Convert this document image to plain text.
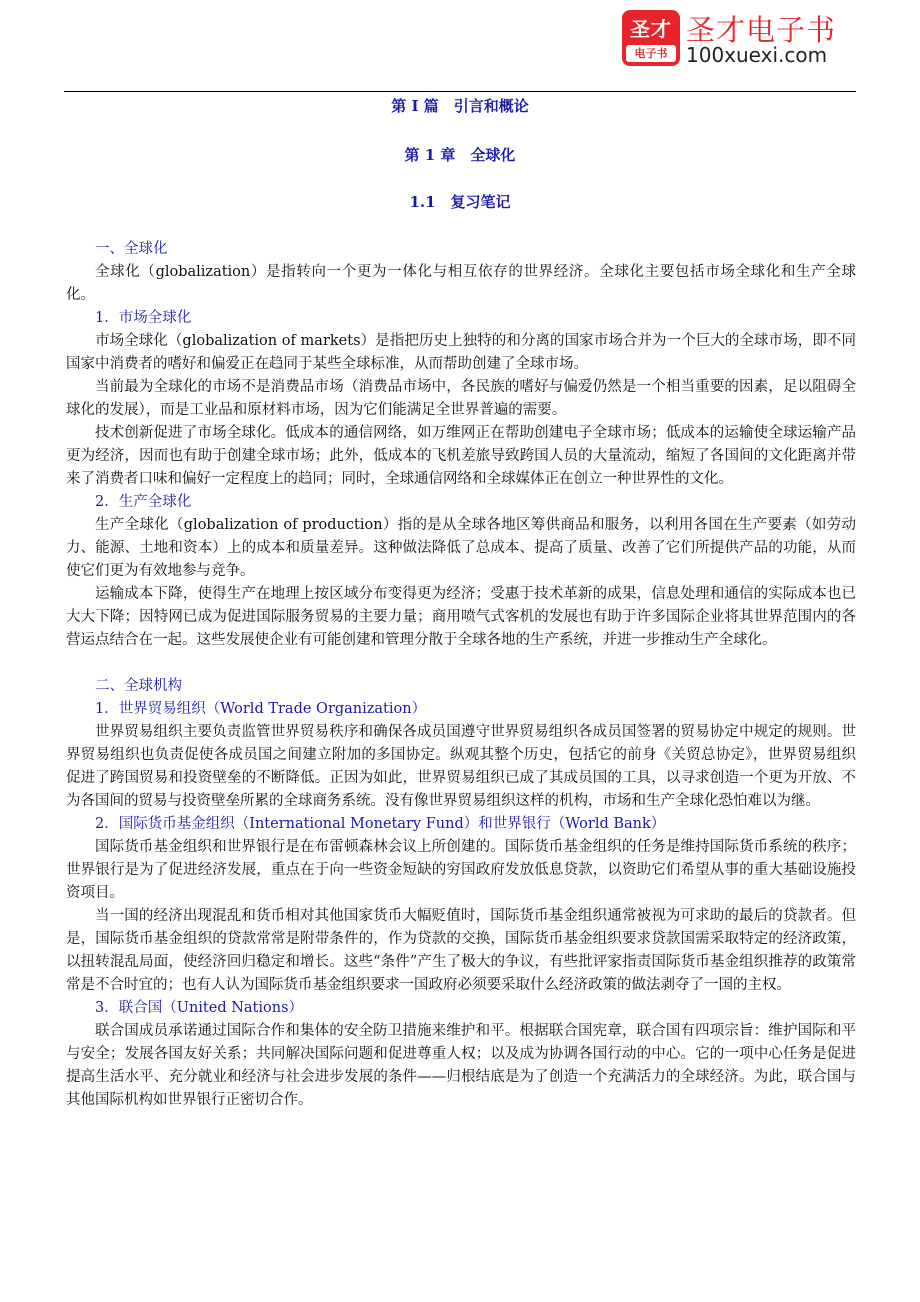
圣才
电子书
圣才电子书
100xuexi.com
第 I 篇　引言和概论
第 1 章　全球化
1.1　复习笔记
一、全球化

全球化（globalization）是指转向一个更为一体化与相互依存的世界经济。全球化主要包括市场全球化和生产全球化。

1．市场全球化

市场全球化（globalization of markets）是指把历史上独特的和分离的国家市场合并为一个巨大的全球市场，即不同国家中消费者的嗜好和偏爱正在趋同于某些全球标准，从而帮助创建了全球市场。

当前最为全球化的市场不是消费品市场（消费品市场中，各民族的嗜好与偏爱仍然是一个相当重要的因素，足以阻碍全球化的发展），而是工业品和原材料市场，因为它们能满足全世界普遍的需要。

技术创新促进了市场全球化。低成本的通信网络，如万维网正在帮助创建电子全球市场；低成本的运输使全球运输产品更为经济，因而也有助于创建全球市场；此外，低成本的飞机差旅导致跨国人员的大量流动，缩短了各国间的文化距离并带来了消费者口味和偏好一定程度上的趋同；同时，全球通信网络和全球媒体正在创立一种世界性的文化。

2．生产全球化

生产全球化（globalization of production）指的是从全球各地区筹供商品和服务，以利用各国在生产要素（如劳动力、能源、土地和资本）上的成本和质量差异。这种做法降低了总成本、提高了质量、改善了它们所提供产品的功能，从而使它们更为有效地参与竞争。

运输成本下降，使得生产在地理上按区域分布变得更为经济；受惠于技术革新的成果，信息处理和通信的实际成本也已大大下降；因特网已成为促进国际服务贸易的主要力量；商用喷气式客机的发展也有助于许多国际企业将其世界范围内的各营运点结合在一起。这些发展使企业有可能创建和管理分散于全球各地的生产系统，并进一步推动生产全球化。

二、全球机构
1．世界贸易组织（World Trade Organization）

世界贸易组织主要负责监管世界贸易秩序和确保各成员国遵守世界贸易组织各成员国签署的贸易协定中规定的规则。世界贸易组织也负责促使各成员国之间建立附加的多国协定。纵观其整个历史，包括它的前身《关贸总协定》，世界贸易组织促进了跨国贸易和投资壁垒的不断降低。正因为如此，世界贸易组织已成了其成员国的工具，以寻求创造一个更为开放、不为各国间的贸易与投资壁垒所累的全球商务系统。没有像世界贸易组织这样的机构，市场和生产全球化恐怕难以为继。

2．国际货币基金组织（International Monetary Fund）和世界银行（World Bank）

国际货币基金组织和世界银行是在布雷顿森林会议上所创建的。国际货币基金组织的任务是维持国际货币系统的秩序；世界银行是为了促进经济发展，重点在于向一些资金短缺的穷国政府发放低息贷款，以资助它们希望从事的重大基础设施投资项目。

当一国的经济出现混乱和货币相对其他国家货币大幅贬值时，国际货币基金组织通常被视为可求助的最后的贷款者。但是，国际货币基金组织的贷款常常是附带条件的，作为贷款的交换，国际货币基金组织要求贷款国需采取特定的经济政策，以扭转混乱局面，使经济回归稳定和增长。这些“条件”产生了极大的争议，有些批评家指责国际货币基金组织推荐的政策常常是不合时宜的；也有人认为国际货币基金组织要求一国政府必须要采取什么经济政策的做法剥夺了一国的主权。

3．联合国（United Nations）

联合国成员承诺通过国际合作和集体的安全防卫措施来维护和平。根据联合国宪章，联合国有四项宗旨：维护国际和平与安全；发展各国友好关系；共同解决国际问题和促进尊重人权；以及成为协调各国行动的中心。它的一项中心任务是促进提高生活水平、充分就业和经济与社会进步发展的条件——归根结底是为了创造一个充满活力的全球经济。为此，联合国与其他国际机构如世界银行正密切合作。
